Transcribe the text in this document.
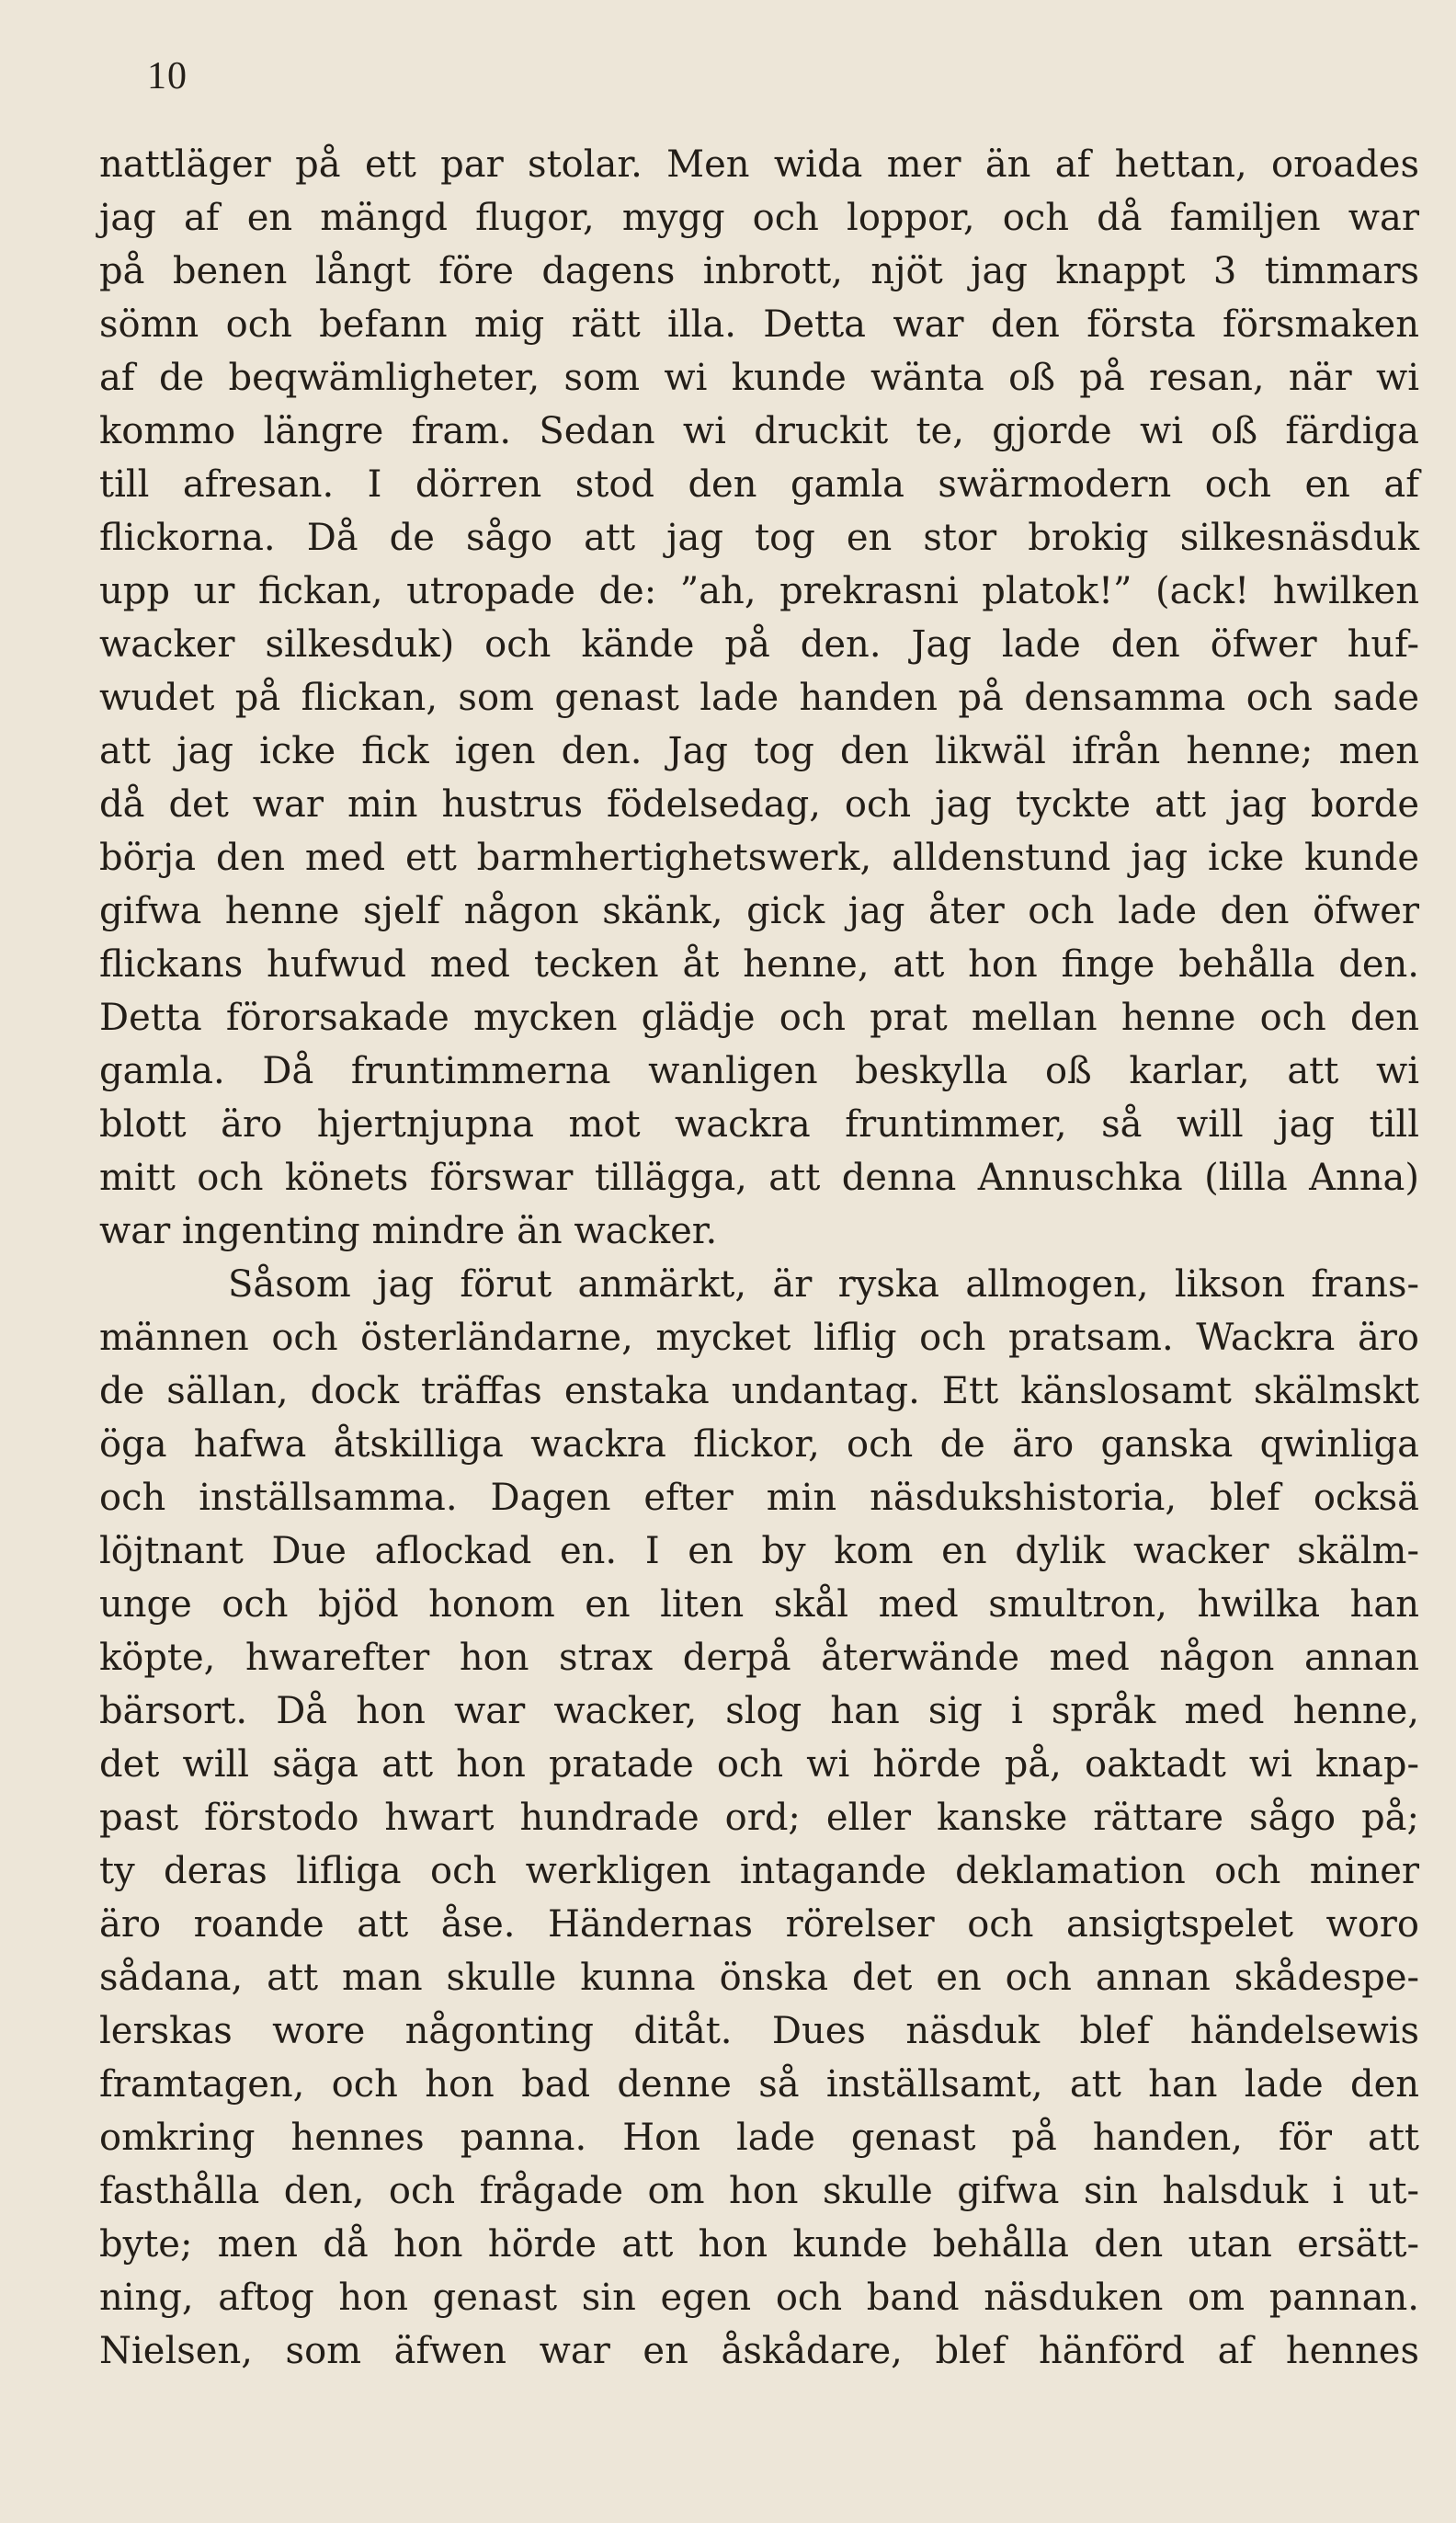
10
nattläger på ett par stolar. Men wida mer än af hettan, oroades
jag af en mängd flugor, mygg och loppor, och då familjen war
på benen långt före dagens inbrott, njöt jag knappt 3 timmars
sömn och befann mig rätt illa. Detta war den första försmaken
af de beqwämligheter, som wi kunde wänta oß på resan, när wi
kommo längre fram. Sedan wi druckit te, gjorde wi oß färdiga
till afresan. I dörren stod den gamla swärmodern och en af
flickorna. Då de sågo att jag tog en stor brokig silkesnäsduk
upp ur fickan, utropade de: ”ah, prekrasni platok!” (ack! hwilken
wacker silkesduk) och kände på den. Jag lade den öfwer huf-
wudet på flickan, som genast lade handen på densamma och sade
att jag icke fick igen den. Jag tog den likwäl ifrån henne; men
då det war min hustrus födelsedag, och jag tyckte att jag borde
börja den med ett barmhertighetswerk, alldenstund jag icke kunde
gifwa henne sjelf någon skänk, gick jag åter och lade den öfwer
flickans hufwud med tecken åt henne, att hon finge behålla den.
Detta förorsakade mycken glädje och prat mellan henne och den
gamla. Då fruntimmerna wanligen beskylla oß karlar, att wi
blott äro hjertnjupna mot wackra fruntimmer, så will jag till
mitt och könets förswar tillägga, att denna Annuschka (lilla Anna)
war ingenting mindre än wacker.
Såsom jag förut anmärkt, är ryska allmogen, likson frans-
männen och österländarne, mycket liflig och pratsam. Wackra äro
de sällan, dock träffas enstaka undantag. Ett känslosamt skälmskt
öga hafwa åtskilliga wackra flickor, och de äro ganska qwinliga
och inställsamma. Dagen efter min näsdukshistoria, blef ocksä
löjtnant Due aflockad en. I en by kom en dylik wacker skälm-
unge och bjöd honom en liten skål med smultron, hwilka han
köpte, hwarefter hon strax derpå återwände med någon annan
bärsort. Då hon war wacker, slog han sig i språk med henne,
det will säga att hon pratade och wi hörde på, oaktadt wi knap-
past förstodo hwart hundrade ord; eller kanske rättare sågo på;
ty deras lifliga och werkligen intagande deklamation och miner
äro roande att åse. Händernas rörelser och ansigtspelet woro
sådana, att man skulle kunna önska det en och annan skådespe-
lerskas wore någonting ditåt. Dues näsduk blef händelsewis
framtagen, och hon bad denne så inställsamt, att han lade den
omkring hennes panna. Hon lade genast på handen, för att
fasthålla den, och frågade om hon skulle gifwa sin halsduk i ut-
byte; men då hon hörde att hon kunde behålla den utan ersätt-
ning, aftog hon genast sin egen och band näsduken om pannan.
Nielsen, som äfwen war en åskådare, blef hänförd af hennes
